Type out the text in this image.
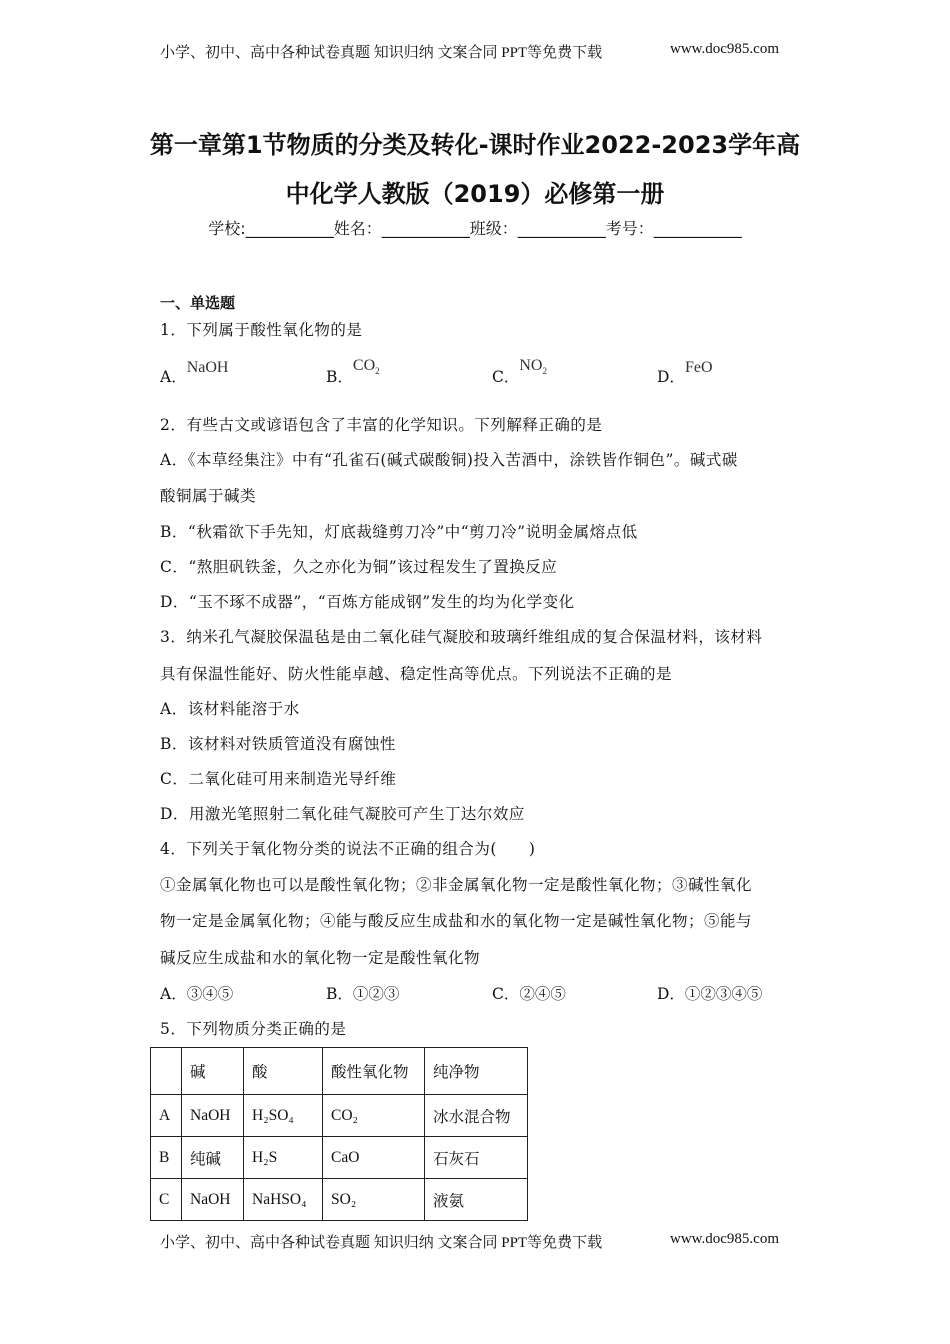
小学、初中、高中各种试卷真题 知识归纳 文案合同 PPT等免费下载	www.doc985.com
第一章第1节物质的分类及转化-课时作业2022-2023学年高
中化学人教版（2019）必修第一册
学校:___________姓名：___________班级：___________考号：___________
一、单选题
1．下列属于酸性氧化物的是
A．NaOH
B．$CO_2$	C．$NO_2$	D．FeO
2．有些古文或谚语包含了丰富的化学知识。下列解释正确的是
A．《本草经集注》中有“孔雀石(碱式碳酸铜)投入苦酒中，涂铁皆作铜色”。碱式碳
酸铜属于碱类
B．“秋霜欲下手先知，灯底裁缝剪刀冷”中“剪刀冷”说明金属熔点低
C．“熬胆矾铁釜，久之亦化为铜”该过程发生了置换反应
D．“玉不琢不成器”，“百炼方能成钢”发生的均为化学变化
3．纳米孔气凝胶保温毡是由二氧化硅气凝胶和玻璃纤维组成的复合保温材料，该材料
具有保温性能好、防火性能卓越、稳定性高等优点。下列说法不正确的是
A．该材料能溶于水
B．该材料对铁质管道没有腐蚀性
C．二氧化硅可用来制造光导纤维
D．用激光笔照射二氧化硅气凝胶可产生丁达尔效应
4．下列关于氧化物分类的说法不正确的组合为(　　)
①金属氧化物也可以是酸性氧化物；②非金属氧化物一定是酸性氧化物；③碱性氧化
物一定是金属氧化物；④能与酸反应生成盐和水的氧化物一定是碱性氧化物；⑤能与
碱反应生成盐和水的氧化物一定是酸性氧化物
A．③④⑤	B．①②③	C．②④⑤	D．①②③④⑤
5．下列物质分类正确的是
	碱	酸	酸性氧化物	纯净物
A	NaOH	H₂SO₄	CO₂	冰水混合物
B	纯碱	H₂S	CaO	石灰石
C	NaOH	NaHSO₄	SO₂	液氨
小学、初中、高中各种试卷真题 知识归纳 文案合同 PPT等免费下载	www.doc985.com
